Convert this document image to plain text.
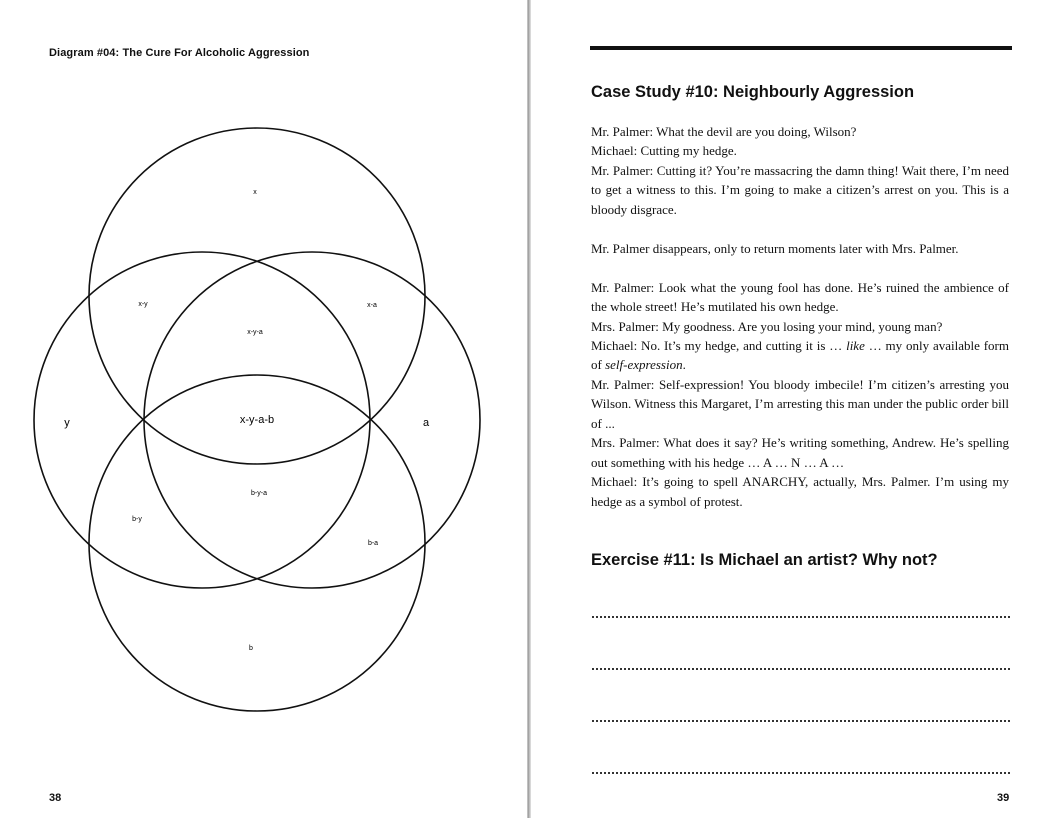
Diagram #04: The Cure For Alcoholic Aggression
x
y	a
b
x-y	x-a
x-y-a
x-y-a-b
b-y-a
b-y
b-a
38
Case Study #10: Neighbourly Aggression

Mr. Palmer: What the devil are you doing, Wilson?

Michael: Cutting my hedge.

Mr. Palmer: Cutting it? You’re massacring the damn thing! Wait there, I’m need to get a witness to this. I’m going to make a citizen’s arrest on you. This is a bloody disgrace.

Mr. Palmer disappears, only to return moments later with Mrs. Palmer.

Mr. Palmer: Look what the young fool has done. He’s ruined the ambience of the whole street! He’s mutilated his own hedge.

Mrs. Palmer: My goodness. Are you losing your mind, young man?

Michael: No. It’s my hedge, and cutting it is … like … my only available form of self-expression.

Mr. Palmer: Self-expression! You bloody imbecile! I’m citizen’s arresting you Wilson. Witness this Margaret, I’m arresting this man under the public order bill of ...

Mrs. Palmer: What does it say? He’s writing something, Andrew. He’s spelling out something with his hedge … A … N … A …

Michael: It’s going to spell ANARCHY, actually, Mrs. Palmer. I’m using my hedge as a symbol of protest.

Exercise #11: Is Michael an artist? Why not?
39
